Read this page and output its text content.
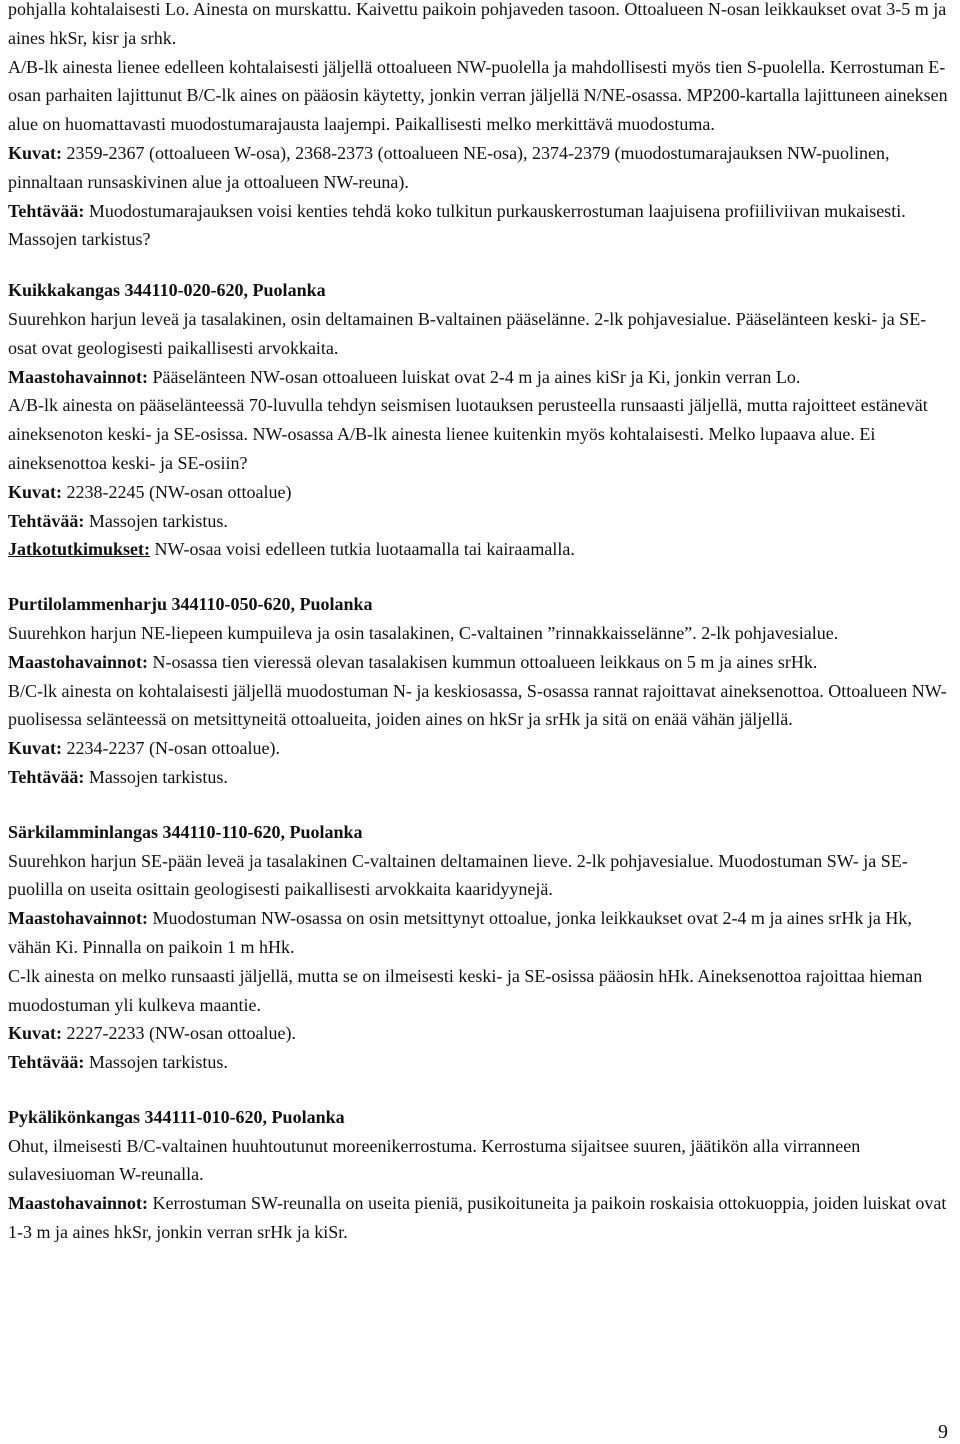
pohjalla kohtalaisesti Lo. Ainesta on murskattu. Kaivettu paikoin pohjaveden tasoon. Ottoalueen N-osan leikkaukset ovat 3-5 m ja aines hkSr, kisr ja srhk.

A/B-lk ainesta lienee edelleen kohtalaisesti jäljellä ottoalueen NW-puolella ja mahdollisesti myös tien S-puolella. Kerrostuman E-osan parhaiten lajittunut B/C-lk aines on pääosin käytetty, jonkin verran jäljellä N/NE-osassa. MP200-kartalla lajittuneen aineksen alue on huomattavasti muodostumarajausta laajempi. Paikallisesti melko merkittävä muodostuma.

Kuvat: 2359-2367 (ottoalueen W-osa), 2368-2373 (ottoalueen NE-osa), 2374-2379 (muodostumarajauksen NW-puolinen, pinnaltaan runsaskivinen alue ja ottoalueen NW-reuna).

Tehtävää: Muodostumarajauksen voisi kenties tehdä koko tulkitun purkauskerrostuman laajuisena profiiliviivan mukaisesti. Massojen tarkistus?

Kuikkakangas 344110-020-620, Puolanka

Suurehkon harjun leveä ja tasalakinen, osin deltamainen B-valtainen pääselänne. 2-lk pohjavesialue. Pääselänteen keski- ja SE-osat ovat geologisesti paikallisesti arvokkaita.

Maastohavainnot: Pääselänteen NW-osan ottoalueen luiskat ovat 2-4 m ja aines kiSr ja Ki, jonkin verran Lo.

A/B-lk ainesta on pääselänteessä 70-luvulla tehdyn seismisen luotauksen perusteella runsaasti jäljellä, mutta rajoitteet estänevät aineksenoton keski- ja SE-osissa. NW-osassa A/B-lk ainesta lienee kuitenkin myös kohtalaisesti. Melko lupaava alue. Ei aineksenottoa keski- ja SE-osiin?

Kuvat: 2238-2245 (NW-osan ottoalue)

Tehtävää: Massojen tarkistus.

Jatkotutkimukset: NW-osaa voisi edelleen tutkia luotaamalla tai kairaamalla.

Purtilolammenharju 344110-050-620, Puolanka

Suurehkon harjun NE-liepeen kumpuileva ja osin tasalakinen, C-valtainen ”rinnakkaisselänne”. 2-lk pohjavesialue.

Maastohavainnot: N-osassa tien vieressä olevan tasalakisen kummun ottoalueen leikkaus on 5 m ja aines srHk.

B/C-lk ainesta on kohtalaisesti jäljellä muodostuman N- ja keskiosassa, S-osassa rannat rajoittavat aineksenottoa. Ottoalueen NW-puolisessa selänteessä on metsittyneitä ottoalueita, joiden aines on hkSr ja srHk ja sitä on enää vähän jäljellä.

Kuvat: 2234-2237 (N-osan ottoalue).

Tehtävää: Massojen tarkistus.

Särkilamminlangas 344110-110-620, Puolanka

Suurehkon harjun SE-pään leveä ja tasalakinen C-valtainen deltamainen lieve. 2-lk pohjavesialue. Muodostuman SW- ja SE-puolilla on useita osittain geologisesti paikallisesti arvokkaita kaaridyynejä.

Maastohavainnot: Muodostuman NW-osassa on osin metsittynyt ottoalue, jonka leikkaukset ovat 2-4 m ja aines srHk ja Hk, vähän Ki. Pinnalla on paikoin 1 m hHk.

C-lk ainesta on melko runsaasti jäljellä, mutta se on ilmeisesti keski- ja SE-osissa pääosin hHk. Aineksenottoa rajoittaa hieman muodostuman yli kulkeva maantie.

Kuvat: 2227-2233 (NW-osan ottoalue).

Tehtävää: Massojen tarkistus.

Pykälikönkangas 344111-010-620, Puolanka

Ohut, ilmeisesti B/C-valtainen huuhtoutunut moreenikerrostuma. Kerrostuma sijaitsee suuren, jäätikön alla virranneen sulavesiuoman W-reunalla.

Maastohavainnot: Kerrostuman SW-reunalla on useita pieniä, pusikoituneita ja paikoin roskaisia ottokuoppia, joiden luiskat ovat 1-3 m ja aines hkSr, jonkin verran srHk ja kiSr.

9
